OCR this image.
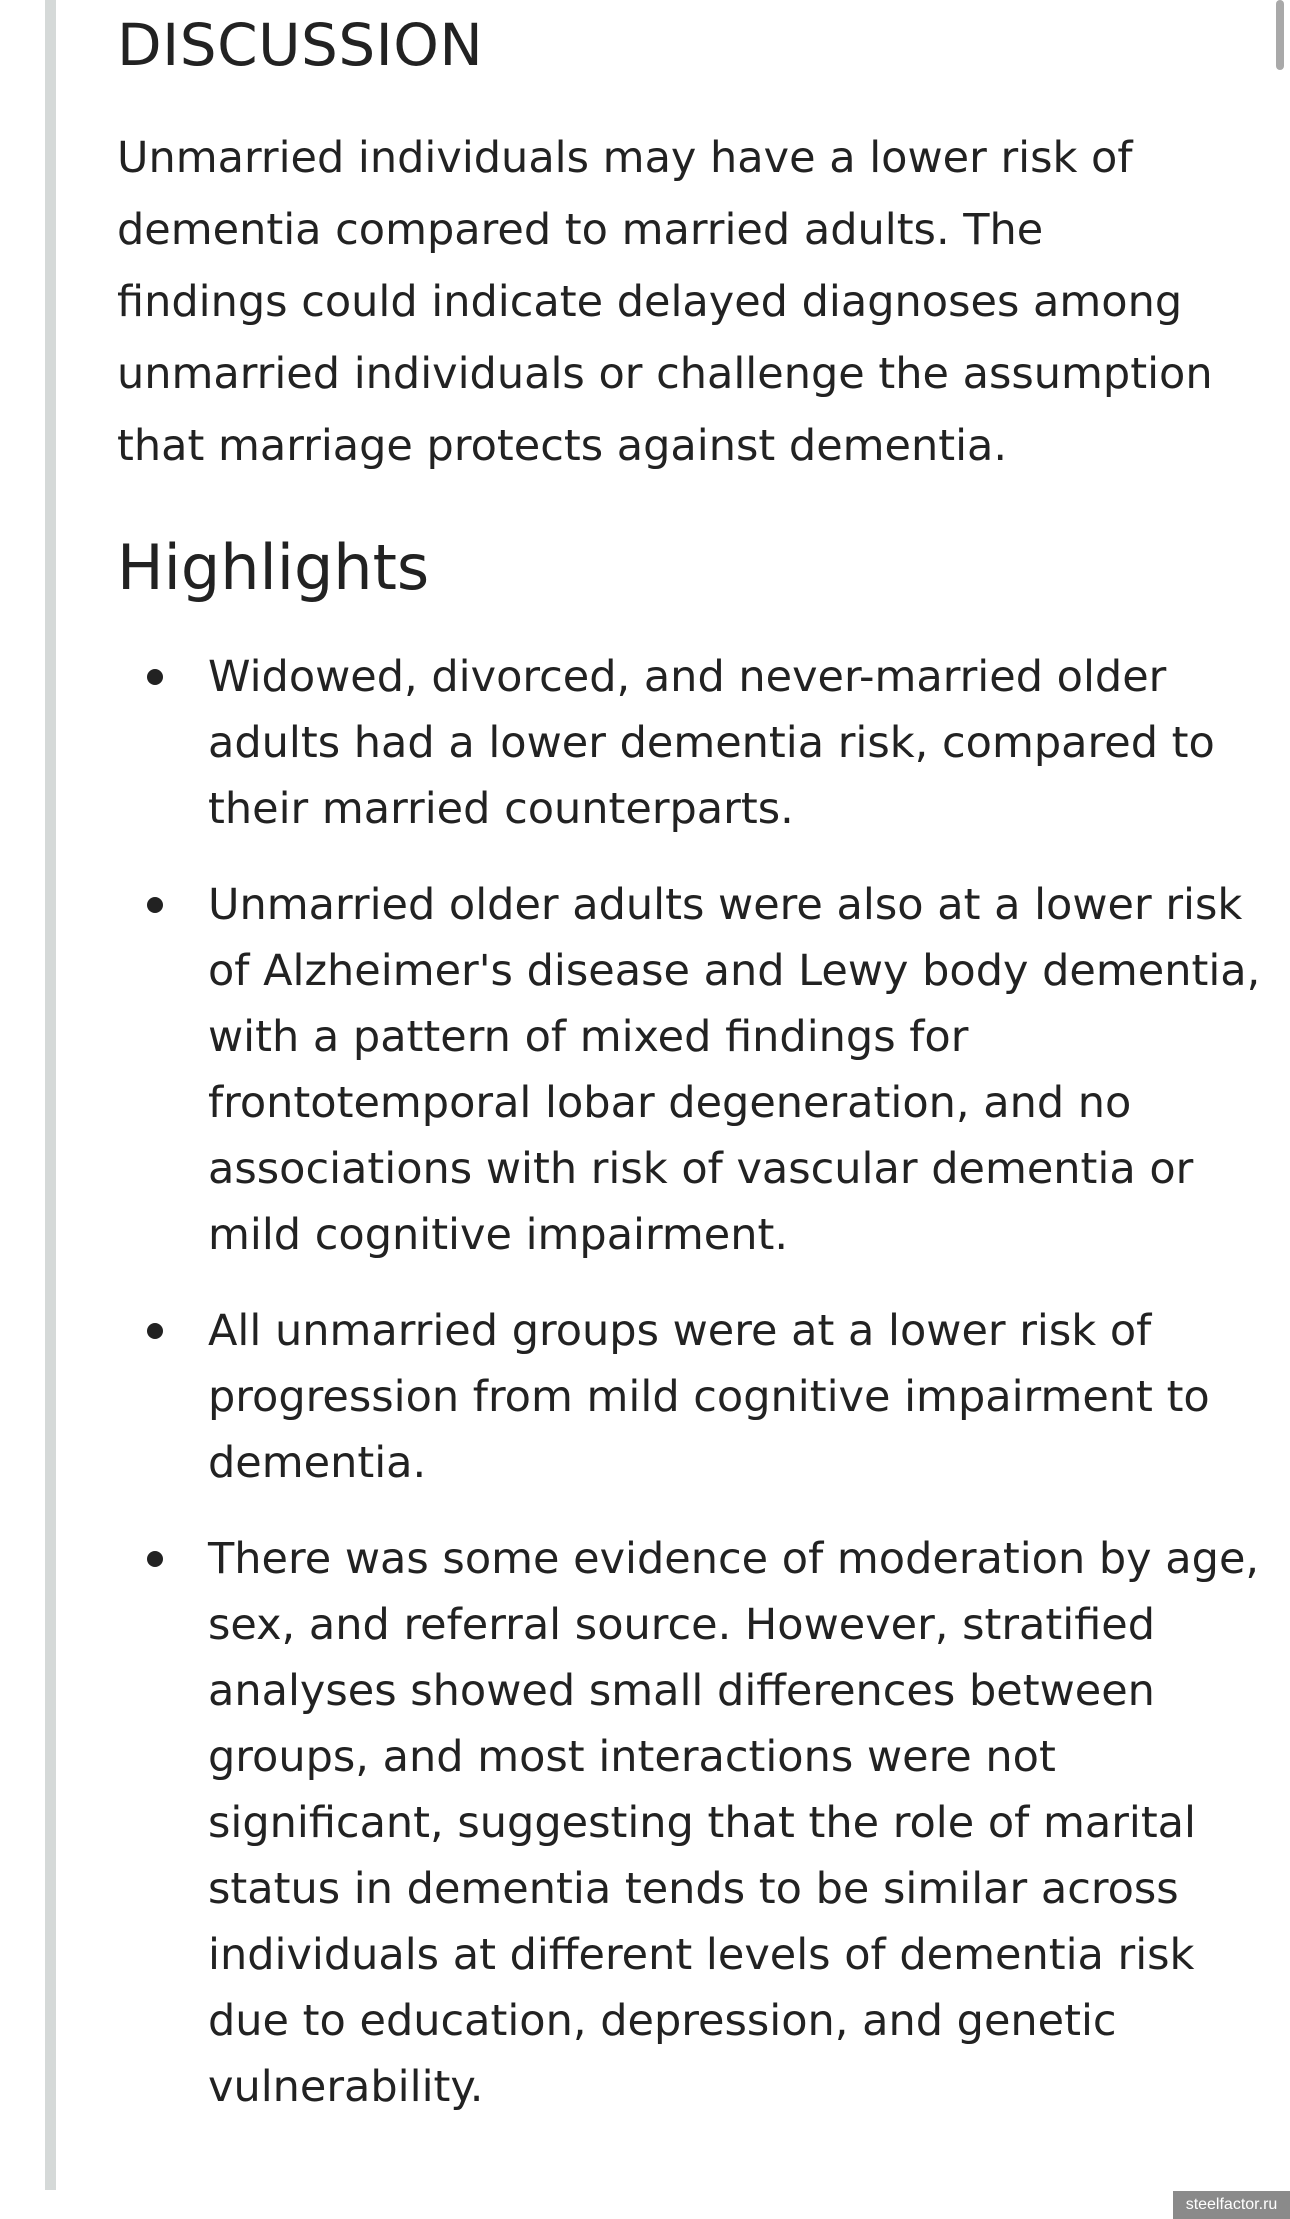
DISCUSSION

Unmarried individuals may have a lower risk of dementia compared to married adults. The findings could indicate delayed diagnoses among unmarried individuals or challenge the assumption that marriage protects against dementia.

Highlights
Widowed, divorced, and never-married older adults had a lower dementia risk, compared to their married counterparts.
Unmarried older adults were also at a lower risk of Alzheimer's disease and Lewy body dementia, with a pattern of mixed findings for frontotemporal lobar degeneration, and no associations with risk of vascular dementia or mild cognitive impairment.
All unmarried groups were at a lower risk of progression from mild cognitive impairment to dementia.
There was some evidence of moderation by age, sex, and referral source. However, stratified analyses showed small differences between groups, and most interactions were not significant, suggesting that the role of marital status in dementia tends to be similar across individuals at different levels of dementia risk due to education, depression, and genetic vulnerability.
steelfactor.ru
